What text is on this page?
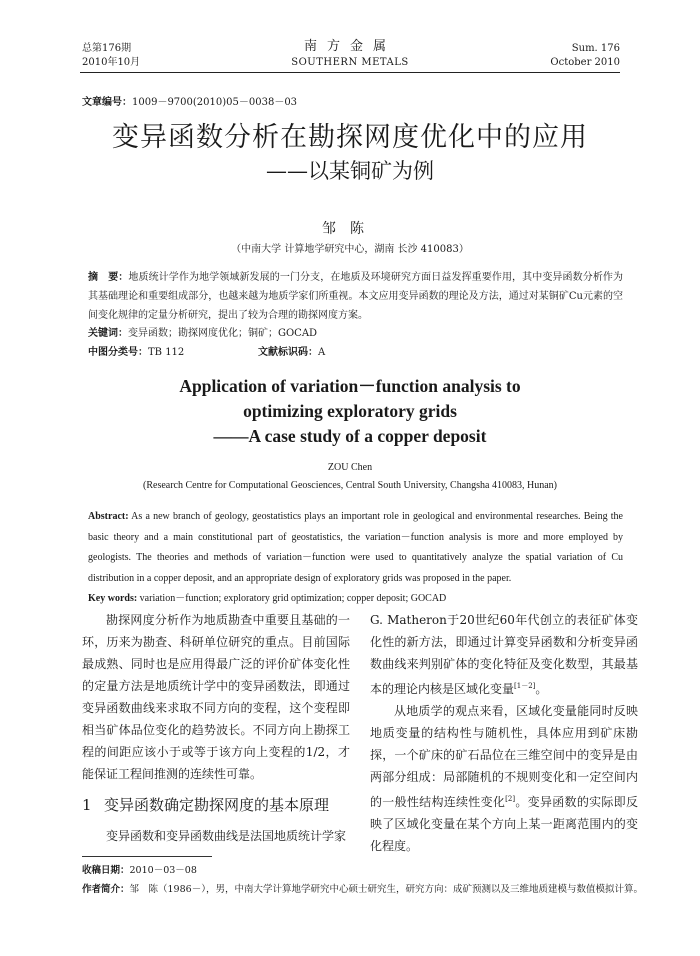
总第176期
2010年10月
南方金属
SOUTHERN METALS
Sum. 176
October 2010
文章编号：1009－9700(2010)05－0038－03
变异函数分析在勘探网度优化中的应用
——以某铜矿为例
邹陈
（中南大学 计算地学研究中心，湖南 长沙 410083）
摘　要：地质统计学作为地学领域新发展的一门分支，在地质及环境研究方面日益发挥重要作用，其中变异函数分析作为其基础理论和重要组成部分，也越来越为地质学家们所重视。本文应用变异函数的理论及方法，通过对某铜矿Cu元素的空间变化规律的定量分析研究，提出了较为合理的勘探网度方案。
关键词：变异函数；勘探网度优化；铜矿；GOCAD
中图分类号：TB 112	文献标识码：A
Application of variation－function analysis to
optimizing exploratory grids
——A case study of a copper deposit
ZOU Chen
(Research Centre for Computational Geosciences, Central South University, Changsha 410083, Hunan)
Abstract: As a new branch of geology, geostatistics plays an important role in geological and environmental researches. Being the basic theory and a main constitutional part of geostatistics, the variation－function analysis is more and more employed by geologists. The theories and methods of variation－function were used to quantitatively analyze the spatial variation of Cu distribution in a copper deposit, and an appropriate design of exploratory grids was proposed in the paper.
Key words: variation－function; exploratory grid optimization; copper deposit; GOCAD

勘探网度分析作为地质勘查中重要且基础的一环，历来为勘查、科研单位研究的重点。目前国际最成熟、同时也是应用得最广泛的评价矿体变化性的定量方法是地质统计学中的变异函数法，即通过变异函数曲线来求取不同方向的变程，这个变程即相当矿体品位变化的趋势波长。不同方向上勘探工程的间距应该小于或等于该方向上变程的1/2，才能保证工程间推测的连续性可靠。

1 变异函数确定勘探网度的基本原理

变异函数和变异函数曲线是法国地质统计学家

G. Matheron于20世纪60年代创立的表征矿体变化性的新方法，即通过计算变异函数和分析变异函数曲线来判别矿体的变化特征及变化数型，其最基本的理论内核是区域化变量[1－2]。

从地质学的观点来看，区域化变量能同时反映地质变量的结构性与随机性，具体应用到矿床勘探，一个矿床的矿石品位在三维空间中的变异是由两部分组成：局部随机的不规则变化和一定空间内的一般性结构连续性变化[2]。变异函数的实际即反映了区域化变量在某个方向上某一距离范围内的变化程度。

收稿日期：2010－03－08
作者简介：邹　陈（1986－），男，中南大学计算地学研究中心硕士研究生，研究方向：成矿预测以及三维地质建模与数值模拟计算。
